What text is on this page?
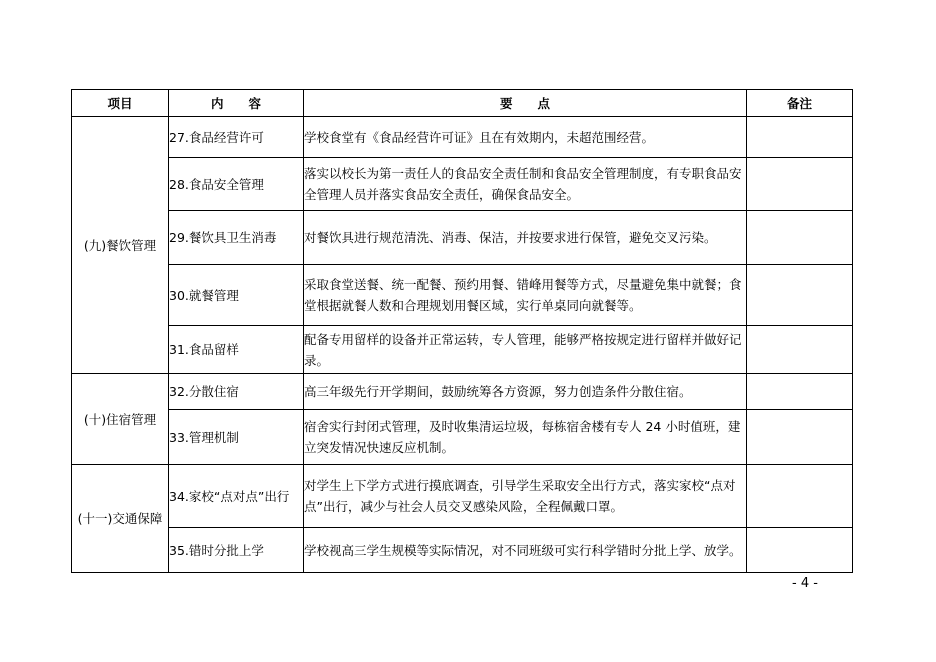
项目	内　　容	要　　点	备注
(九)餐饮管理	27.食品经营许可	学校食堂有《食品经营许可证》且在有效期内，未超范围经营。	
	28.食品安全管理	落实以校长为第一责任人的食品安全责任制和食品安全管理制度，有专职食品安全管理人员并落实食品安全责任，确保食品安全。	
	29.餐饮具卫生消毒	对餐饮具进行规范清洗、消毒、保洁，并按要求进行保管，避免交叉污染。	
	30.就餐管理	采取食堂送餐、统一配餐、预约用餐、错峰用餐等方式，尽量避免集中就餐；食堂根据就餐人数和合理规划用餐区域，实行单桌同向就餐等。	
	31.食品留样	配备专用留样的设备并正常运转，专人管理，能够严格按规定进行留样并做好记录。	
(十)住宿管理	32.分散住宿	高三年级先行开学期间，鼓励统筹各方资源，努力创造条件分散住宿。	
	33.管理机制	宿舍实行封闭式管理，及时收集清运垃圾，每栋宿舍楼有专人 24 小时值班，建立突发情况快速反应机制。	
(十一)交通保障	34.家校“点对点”出行	对学生上下学方式进行摸底调查，引导学生采取安全出行方式，落实家校“点对点”出行，减少与社会人员交叉感染风险，全程佩戴口罩。	
	35.错时分批上学	学校视高三学生规模等实际情况，对不同班级可实行科学错时分批上学、放学。	
- 4 -
